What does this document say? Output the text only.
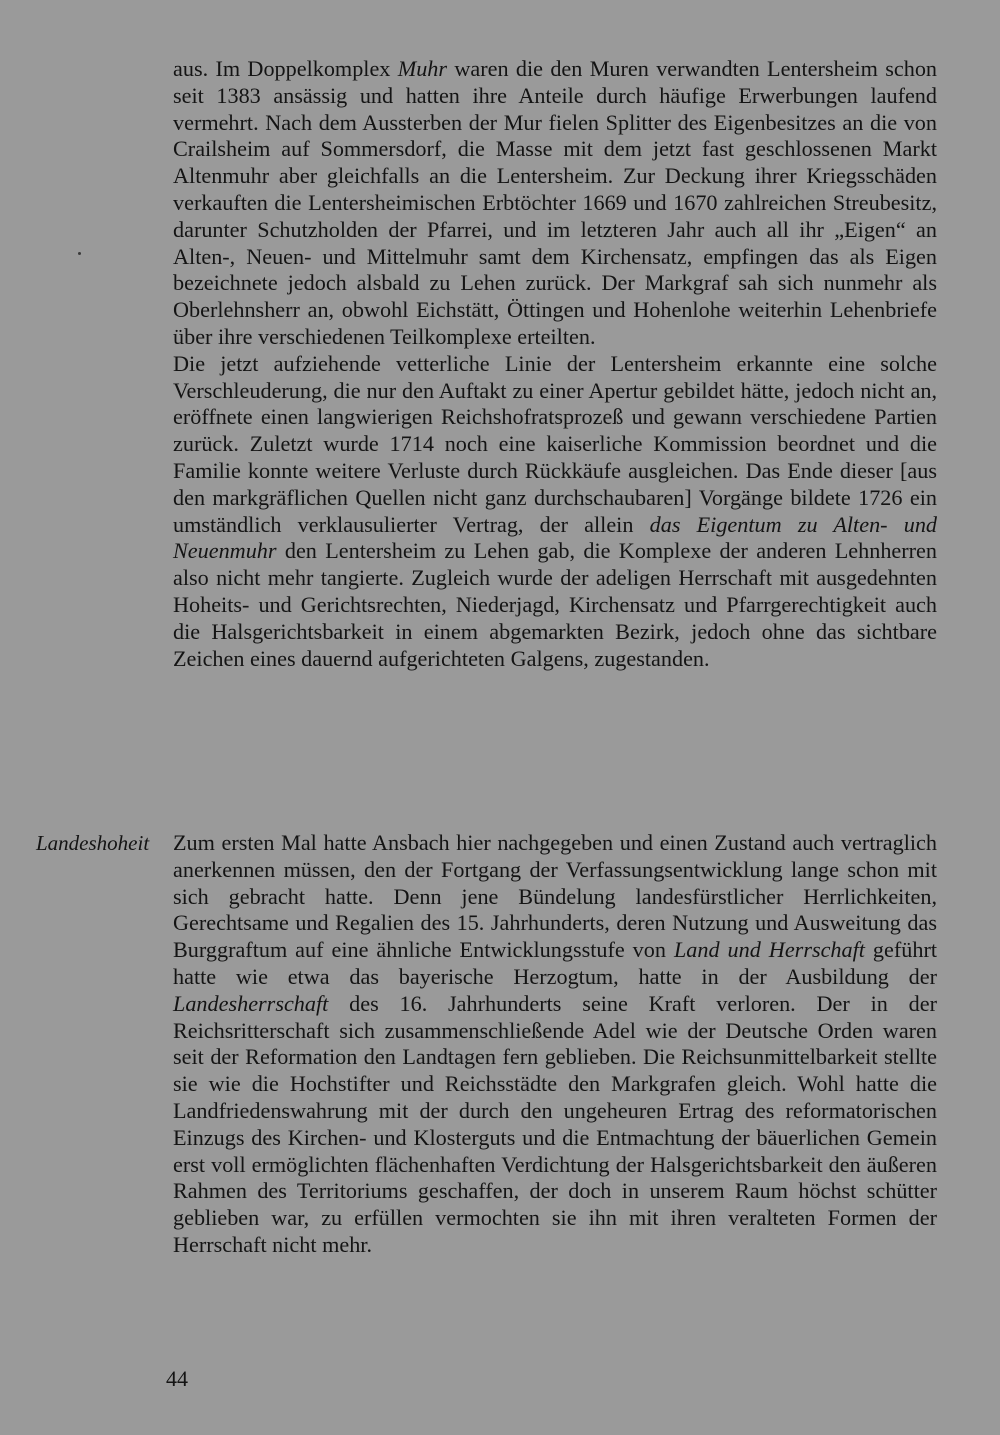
aus. Im Doppelkomplex Muhr waren die den Muren verwandten Lentersheim schon seit 1383 ansässig und hatten ihre Anteile durch häufige Erwerbungen laufend vermehrt. Nach dem Aussterben der Mur fielen Splitter des Eigenbesitzes an die von Crailsheim auf Sommersdorf, die Masse mit dem jetzt fast geschlossenen Markt Altenmuhr aber gleichfalls an die Lentersheim. Zur Deckung ihrer Kriegsschäden verkauften die Lentersheimischen Erbtöchter 1669 und 1670 zahlreichen Streubesitz, darunter Schutzholden der Pfarrei, und im letzteren Jahr auch all ihr „Eigen“ an Alten-, Neuen- und Mittelmuhr samt dem Kirchensatz, empfingen das als Eigen bezeichnete jedoch alsbald zu Lehen zurück. Der Markgraf sah sich nunmehr als Oberlehnsherr an, obwohl Eichstätt, Öttingen und Hohenlohe weiterhin Lehenbriefe über ihre verschiedenen Teilkomplexe erteilten.

Die jetzt aufziehende vetterliche Linie der Lentersheim erkannte eine solche Verschleuderung, die nur den Auftakt zu einer Apertur gebildet hätte, jedoch nicht an, eröffnete einen langwierigen Reichshofratsprozeß und gewann verschiedene Partien zurück. Zuletzt wurde 1714 noch eine kaiserliche Kommission beordnet und die Familie konnte weitere Verluste durch Rückkäufe ausgleichen. Das Ende dieser [aus den markgräflichen Quellen nicht ganz durchschaubaren] Vorgänge bildete 1726 ein umständlich verklausulierter Vertrag, der allein das Eigentum zu Alten- und Neuenmuhr den Lentersheim zu Lehen gab, die Komplexe der anderen Lehnherren also nicht mehr tangierte. Zugleich wurde der adeligen Herrschaft mit ausgedehnten Hoheits- und Gerichtsrechten, Niederjagd, Kirchensatz und Pfarrgerechtigkeit auch die Halsgerichtsbarkeit in einem abgemarkten Bezirk, jedoch ohne das sichtbare Zeichen eines dauernd aufgerichteten Galgens, zugestanden.

Landeshoheit Zum ersten Mal hatte Ansbach hier nachgegeben und einen Zustand auch vertraglich anerkennen müssen, den der Fortgang der Verfassungsentwicklung lange schon mit sich gebracht hatte. Denn jene Bündelung landesfürstlicher Herrlichkeiten, Gerechtsame und Regalien des 15. Jahrhunderts, deren Nutzung und Ausweitung das Burggraftum auf eine ähnliche Entwicklungsstufe von Land und Herrschaft geführt hatte wie etwa das bayerische Herzogtum, hatte in der Ausbildung der Landesherrschaft des 16. Jahrhunderts seine Kraft verloren. Der in der Reichsritterschaft sich zusammenschließende Adel wie der Deutsche Orden waren seit der Reformation den Landtagen fern geblieben. Die Reichsunmittelbarkeit stellte sie wie die Hochstifter und Reichsstädte den Markgrafen gleich. Wohl hatte die Landfriedenswahrung mit der durch den ungeheuren Ertrag des reformatorischen Einzugs des Kirchen- und Klosterguts und die Entmachtung der bäuerlichen Gemein erst voll ermöglichten flächenhaften Verdichtung der Halsgerichtsbarkeit den äußeren Rahmen des Territoriums geschaffen, der doch in unserem Raum höchst schütter geblieben war, zu erfüllen vermochten sie ihn mit ihren veralteten Formen der Herrschaft nicht mehr.

44
